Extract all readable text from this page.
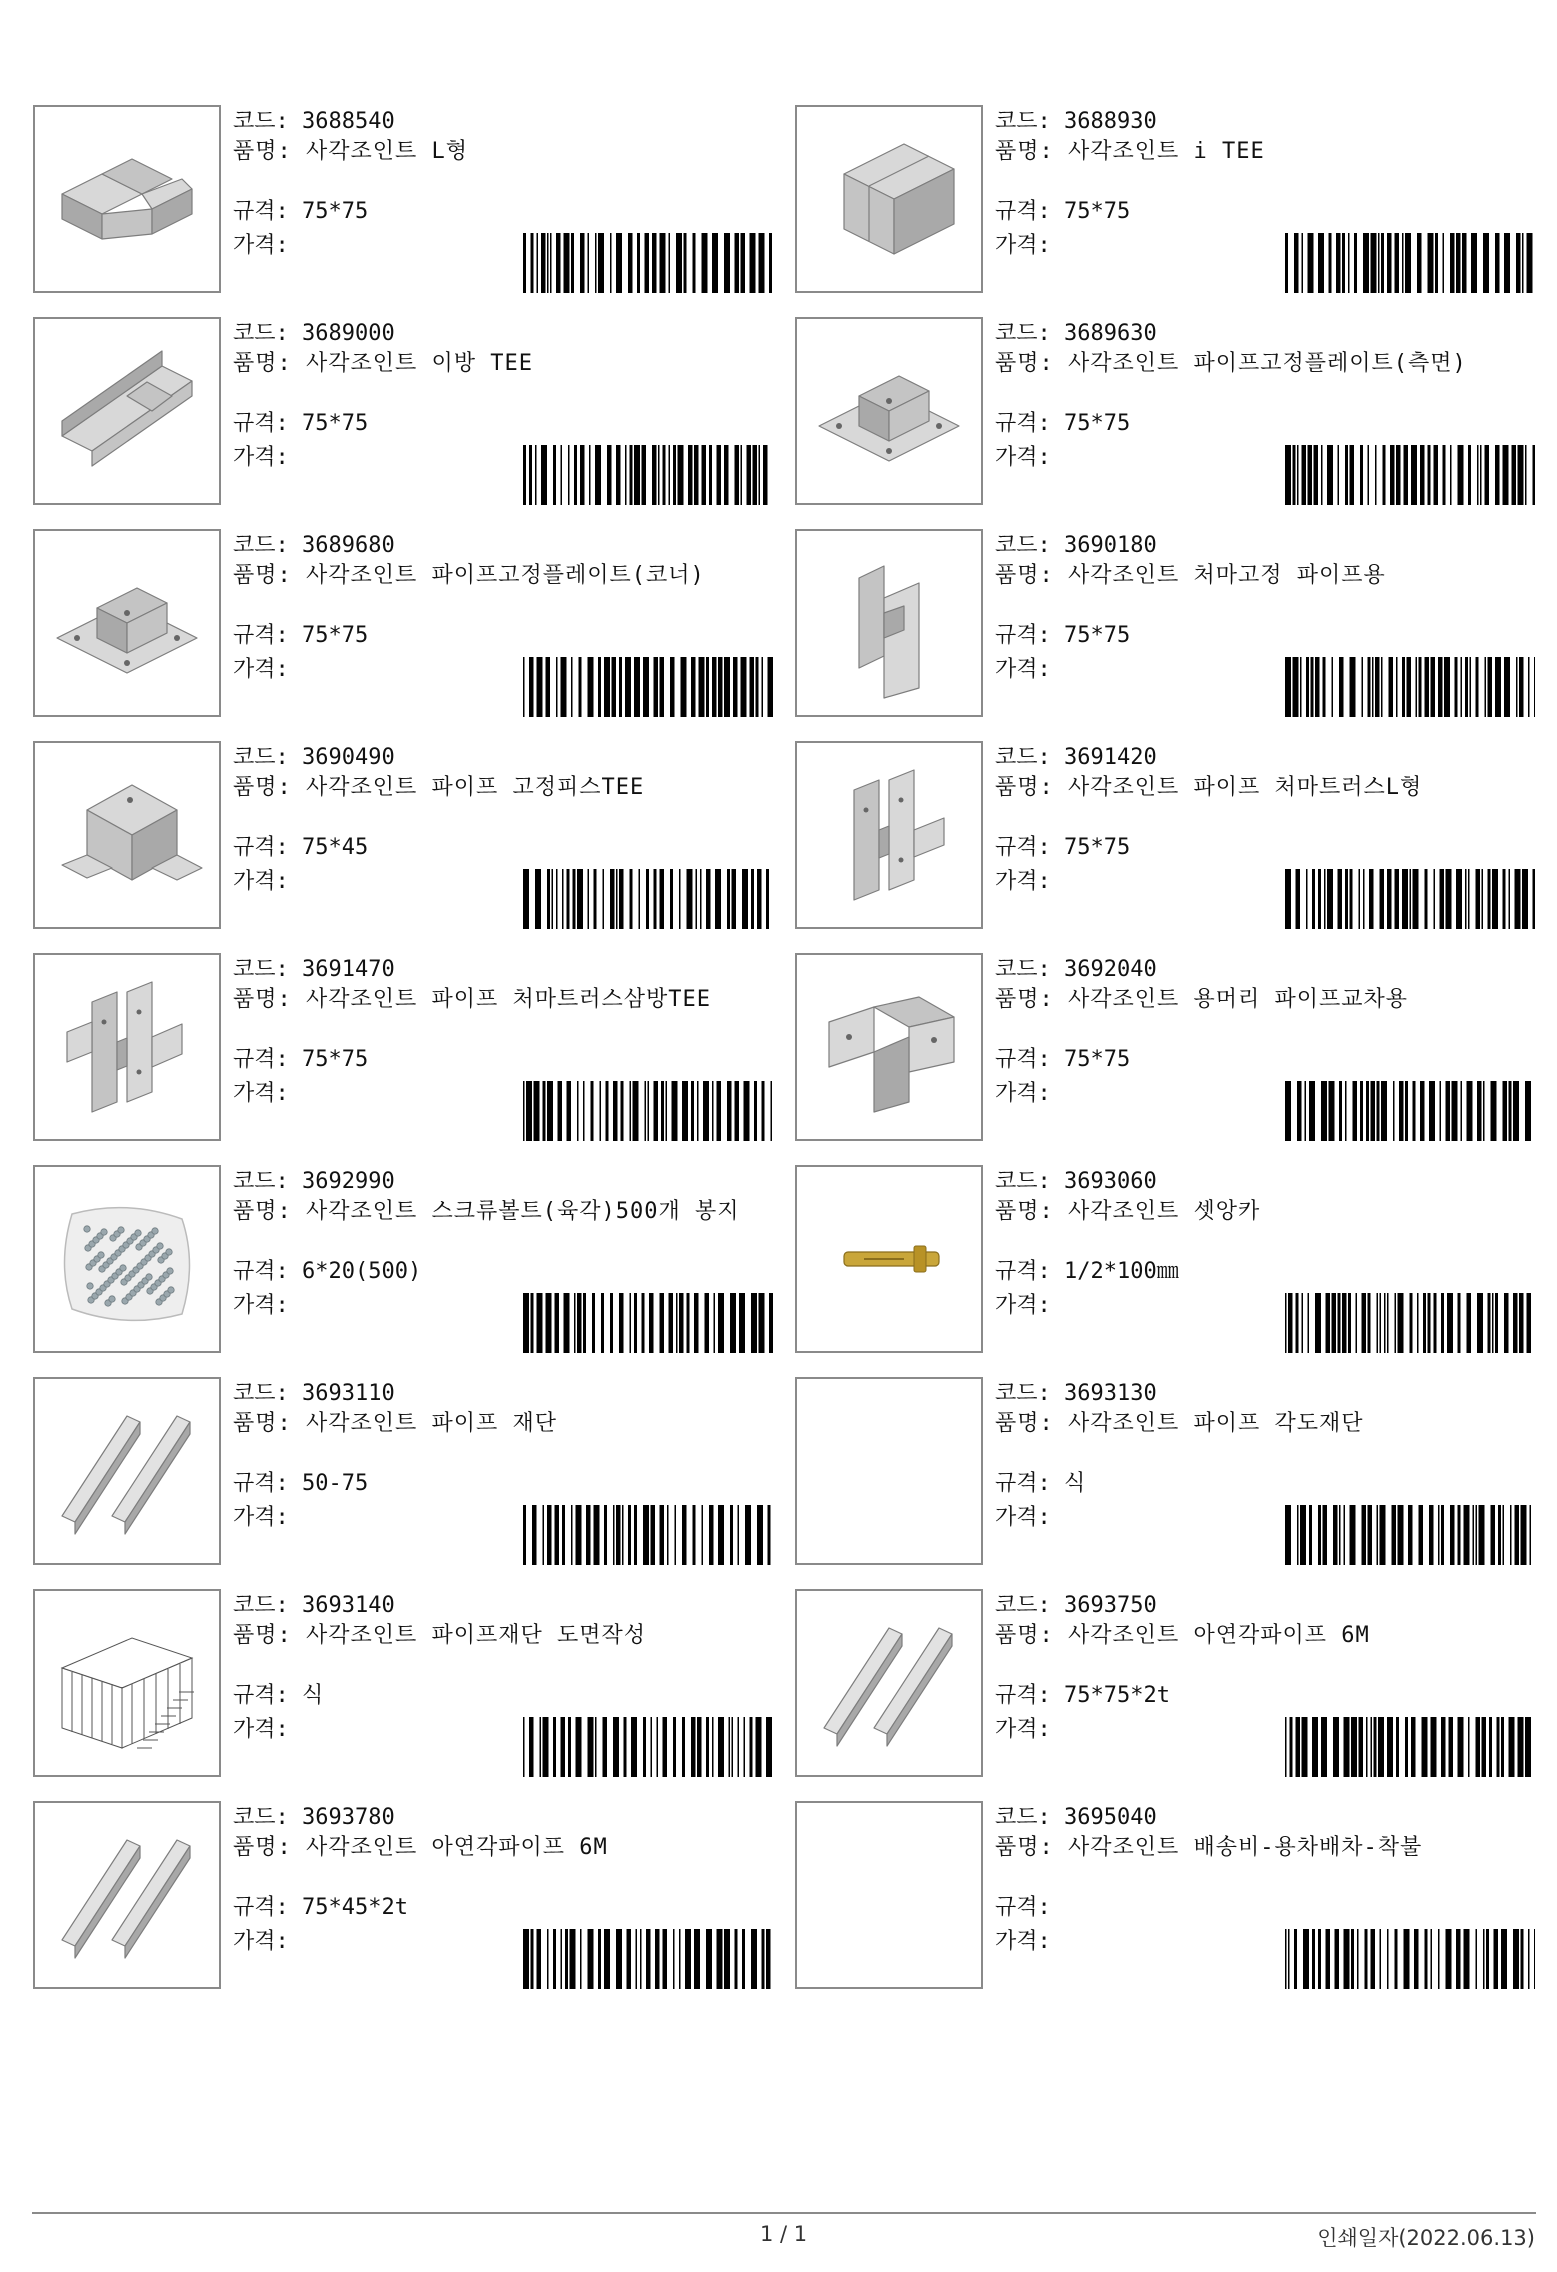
코드: 3688540
품명: 사각조인트 L형
규격: 75*75
가격:
코드: 3688930
품명: 사각조인트 i TEE
규격: 75*75
가격:
코드: 3689000
품명: 사각조인트 이방 TEE
규격: 75*75
가격:
코드: 3689630
품명: 사각조인트 파이프고정플레이트(측면)
규격: 75*75
가격:
코드: 3689680
품명: 사각조인트 파이프고정플레이트(코너)
규격: 75*75
가격:
코드: 3690180
품명: 사각조인트 처마고정 파이프용
규격: 75*75
가격:
코드: 3690490
품명: 사각조인트 파이프 고정피스TEE
규격: 75*45
가격:
코드: 3691420
품명: 사각조인트 파이프 처마트러스L형
규격: 75*75
가격:
코드: 3691470
품명: 사각조인트 파이프 처마트러스삼방TEE
규격: 75*75
가격:
코드: 3692040
품명: 사각조인트 용머리 파이프교차용
규격: 75*75
가격:
코드: 3692990
품명: 사각조인트 스크류볼트(육각)500개 봉지
규격: 6*20(500)
가격:
코드: 3693060
품명: 사각조인트 셋앙카
규격: 1/2*100㎜
가격:
코드: 3693110
품명: 사각조인트 파이프 재단
규격: 50-75
가격:
코드: 3693130
품명: 사각조인트 파이프 각도재단
규격: 식
가격:
코드: 3693140
품명: 사각조인트 파이프재단 도면작성
규격: 식
가격:
코드: 3693750
품명: 사각조인트 아연각파이프 6M
규격: 75*75*2t
가격:
코드: 3693780
품명: 사각조인트 아연각파이프 6M
규격: 75*45*2t
가격:
코드: 3695040
품명: 사각조인트 배송비-용차배차-착불
규격:
가격:
1 / 1	인쇄일자(2022.06.13)
